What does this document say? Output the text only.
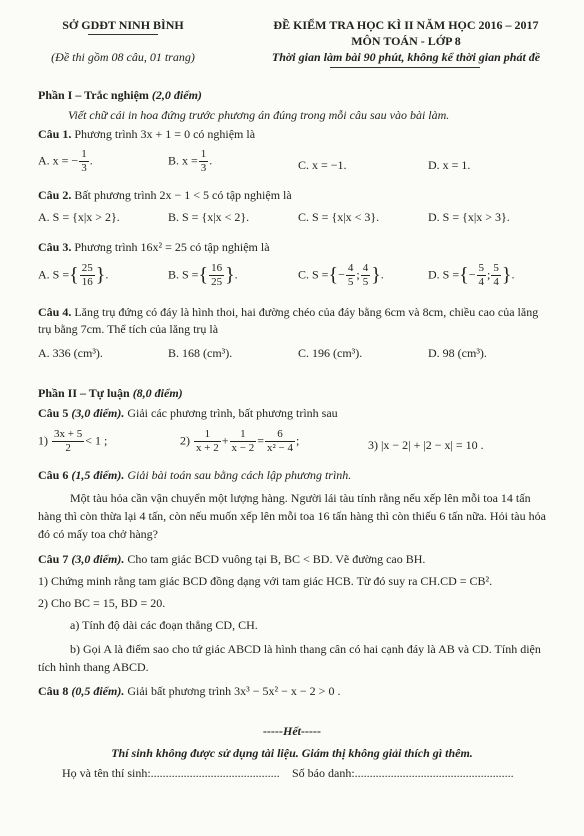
SỞ GDĐT NINH BÌNH
(Đề thi gồm 08 câu, 01 trang)
ĐỀ KIỂM TRA HỌC KÌ II NĂM HỌC 2016 – 2017
MÔN TOÁN - LỚP 8
Thời gian làm bài 90 phút, không kể thời gian phát đề
Phần I – Trắc nghiệm (2,0 điểm)
Viết chữ cái in hoa đứng trước phương án đúng trong mỗi câu sau vào bài làm.
Câu 1. Phương trình 3x + 1 = 0 có nghiệm là
A. x = − $\frac{1}{3}$ .	B. $x = \frac{1}{3}$ .	C. x = −1.	D. x = 1.
Câu 2. Bất phương trình 2x − 1 < 5 có tập nghiệm là
A. S = {x|x > 2}.	B. S = {x|x < 2}.	C. S = {x|x < 3}.	D. S = {x|x > 3}.
Câu 3. Phương trình 16x² = 25 có tập nghiệm là
A. S ={ $\frac{25}{16}$ }.	B. S ={ $\frac{16}{25}$ }.	C. S ={− $\frac{4}{5}$ ; $\frac{4}{5}$ }.	D. S ={− $\frac{5}{4}$ ; $\frac{5}{4}$ }.
Câu 4. Lăng trụ đứng có đáy là hình thoi, hai đường chéo của đáy bằng 6cm và 8cm, chiều cao của lăng trụ bằng 7cm. Thể tích của lăng trụ là
A. 336 (cm³).	B. 168 (cm³).	C. 196 (cm³).	D. 98 (cm³).
Phần II – Tự luận (8,0 điểm)
Câu 5 (3,0 điểm). Giải các phương trình, bất phương trình sau
$1) \frac{3x + 5}{2} < 1$ ;	$2) \frac{1}{x + 2} + \frac{1}{x - 2} = \frac{6}{\text{x² − 4}}$ ;	3) |x − 2| + |2 − x| = 10 .
Câu 6 (1,5 điểm). Giải bài toán sau bằng cách lập phương trình.
Một tàu hỏa cần vận chuyển một lượng hàng. Người lái tàu tính rằng nếu xếp lên mỗi toa 14 tấn hàng thì còn thừa lại 4 tấn, còn nếu muốn xếp lên mỗi toa 16 tấn hàng thì còn thiếu 6 tấn nữa. Hỏi tàu hỏa đó có mấy toa chở hàng?
Câu 7 (3,0 điểm). Cho tam giác BCD vuông tại B, BC < BD. Vẽ đường cao BH.
1) Chứng minh rằng tam giác BCD đồng dạng với tam giác HCB. Từ đó suy ra CH.CD = CB².
2) Cho BC = 15, BD = 20.
a) Tính độ dài các đoạn thẳng CD, CH.
b) Gọi A là điểm sao cho tứ giác ABCD là hình thang cân có hai cạnh đáy là AB và CD. Tính diện tích hình thang ABCD.
Câu 8 (0,5 điểm). Giải bất phương trình 3x³ − 5x² − x − 2 > 0 .
-----Hết-----
Thí sinh không được sử dụng tài liệu. Giám thị không giải thích gì thêm.
Họ và tên thí sinh:........................................... Số báo danh:.....................................................
